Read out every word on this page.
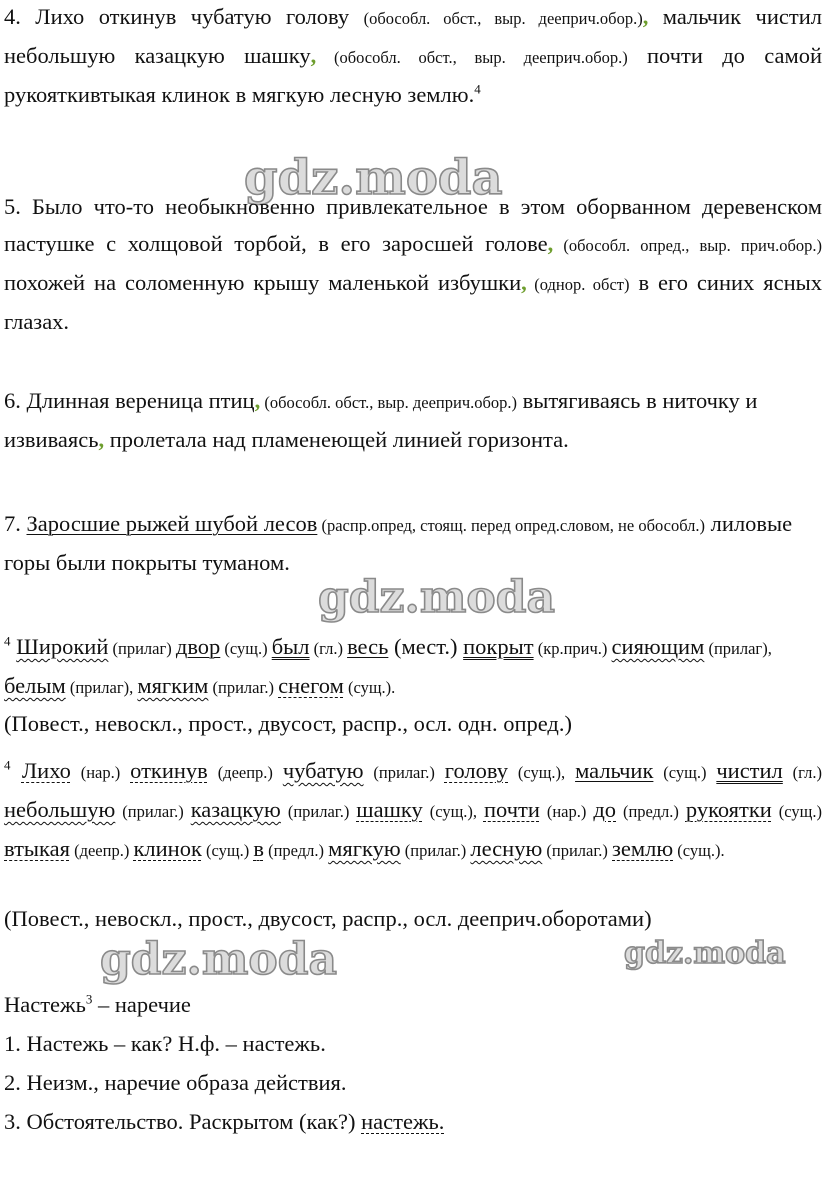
gdz.moda
gdz.moda
gdz.moda	gdz.moda

4. Лихо откинув чубатую голову (обособл. обст., выр. дееприч.обор.), мальчик чистил небольшую казацкую шашку, (обособл. обст., выр. дееприч.обор.) почти до самой рукояткивтыкая клинок в мягкую лесную землю.$^4$

5. Было что-то необыкновенно привлекательное в этом оборванном деревенском пастушке с холщовой торбой, в его заросшей голове, (обособл. опред., выр. прич.обор.) похожей на соломенную крышу маленькой избушки, (однор. обст) в его синих ясных глазах.

6. Длинная вереница птиц, (обособл. обст., выр. дееприч.обор.) вытягиваясь в ниточку и извиваясь, пролетала над пламенеющей линией горизонта.

7. Заросшие рыжей шубой лесов (распр.опред, стоящ. перед опред.словом, не обособл.) лиловые горы были покрыты туманом.

$^4$ Широкий (прилаг) двор (сущ.) был (гл.) весь (мест.) покрыт (кр.прич.) сияющим (прилаг), белым (прилаг), мягким (прилаг.) снегом (сущ.).

(Повест., невоскл., прост., двусост, распр., осл. одн. опред.)

$^4$ Лихо (нар.) откинув (деепр.) чубатую (прилаг.) голову (сущ.), мальчик (сущ.) чистил (гл.) небольшую (прилаг.) казацкую (прилаг.) шашку (сущ.), почти (нар.) до (предл.) рукоятки (сущ.) втыкая (деепр.) клинок (сущ.) в (предл.) мягкую (прилаг.) лесную (прилаг.) землю (сущ.).

(Повест., невоскл., прост., двусост, распр., осл. дееприч.оборотами)

Настежь$^3$ – наречие

1. Настежь – как? Н.ф. – настежь.

2. Неизм., наречие образа действия.

3. Обстоятельство. Раскрытом (как?) настежь.
